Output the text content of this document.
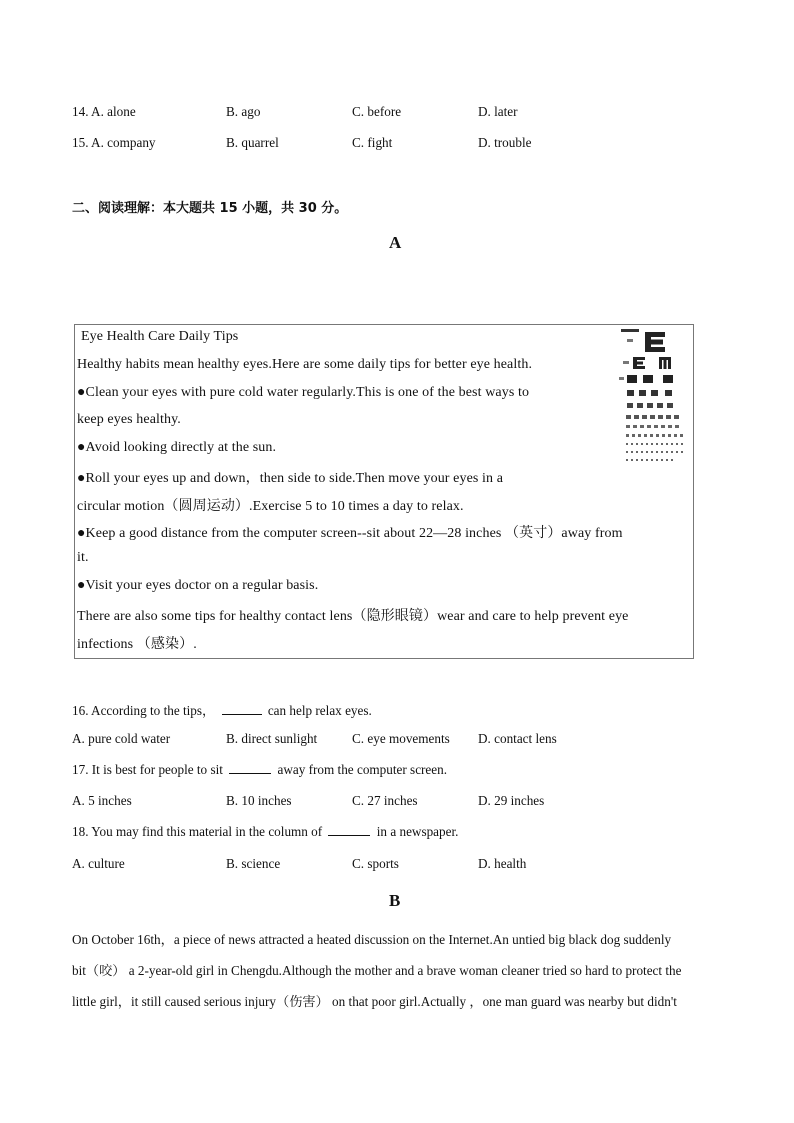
14. A. alone	B. ago	C. before	D. later
15. A. company	B. quarrel	C. fight	D. trouble
二、阅读理解：本大题共 15 小题，共 30 分。
A
Eye Health Care Daily Tips
Healthy habits mean healthy eyes.Here are some daily tips for better eye health.
●Clean your eyes with pure cold water regularly.This is one of the best ways to
keep eyes healthy.
●Avoid looking directly at the sun.
●Roll your eyes up and down，then side to side.Then move your eyes in a
circular motion（圆周运动）.Exercise 5 to 10 times a day to relax.
●Keep a good distance from the computer screen--sit about 22—28 inches （英寸）away from
it.
●Visit your eyes doctor on a regular basis.
There are also some tips for healthy contact lens（隐形眼镜）wear and care to help prevent eye
infections （感染）.
16. According to the tips，	can help relax eyes.
A. pure cold water	B. direct sunlight	C. eye movements D. contact lens
17. It is best for people to sit	away from the computer screen.
A. 5 inches	B. 10 inches	C. 27 inches	D. 29 inches
18. You may find this material in the column of	in a newspaper.
A. culture	B. science	C. sports	D. health
B
On October 16th，a piece of news attracted a heated discussion on the Internet.An untied big black dog suddenly
bit（咬） a 2-year-old girl in Chengdu.Although the mother and a brave woman cleaner tried so hard to protect the
little girl，it still caused serious injury（伤害） on that poor girl.Actually ，one man guard was nearby but didn't
